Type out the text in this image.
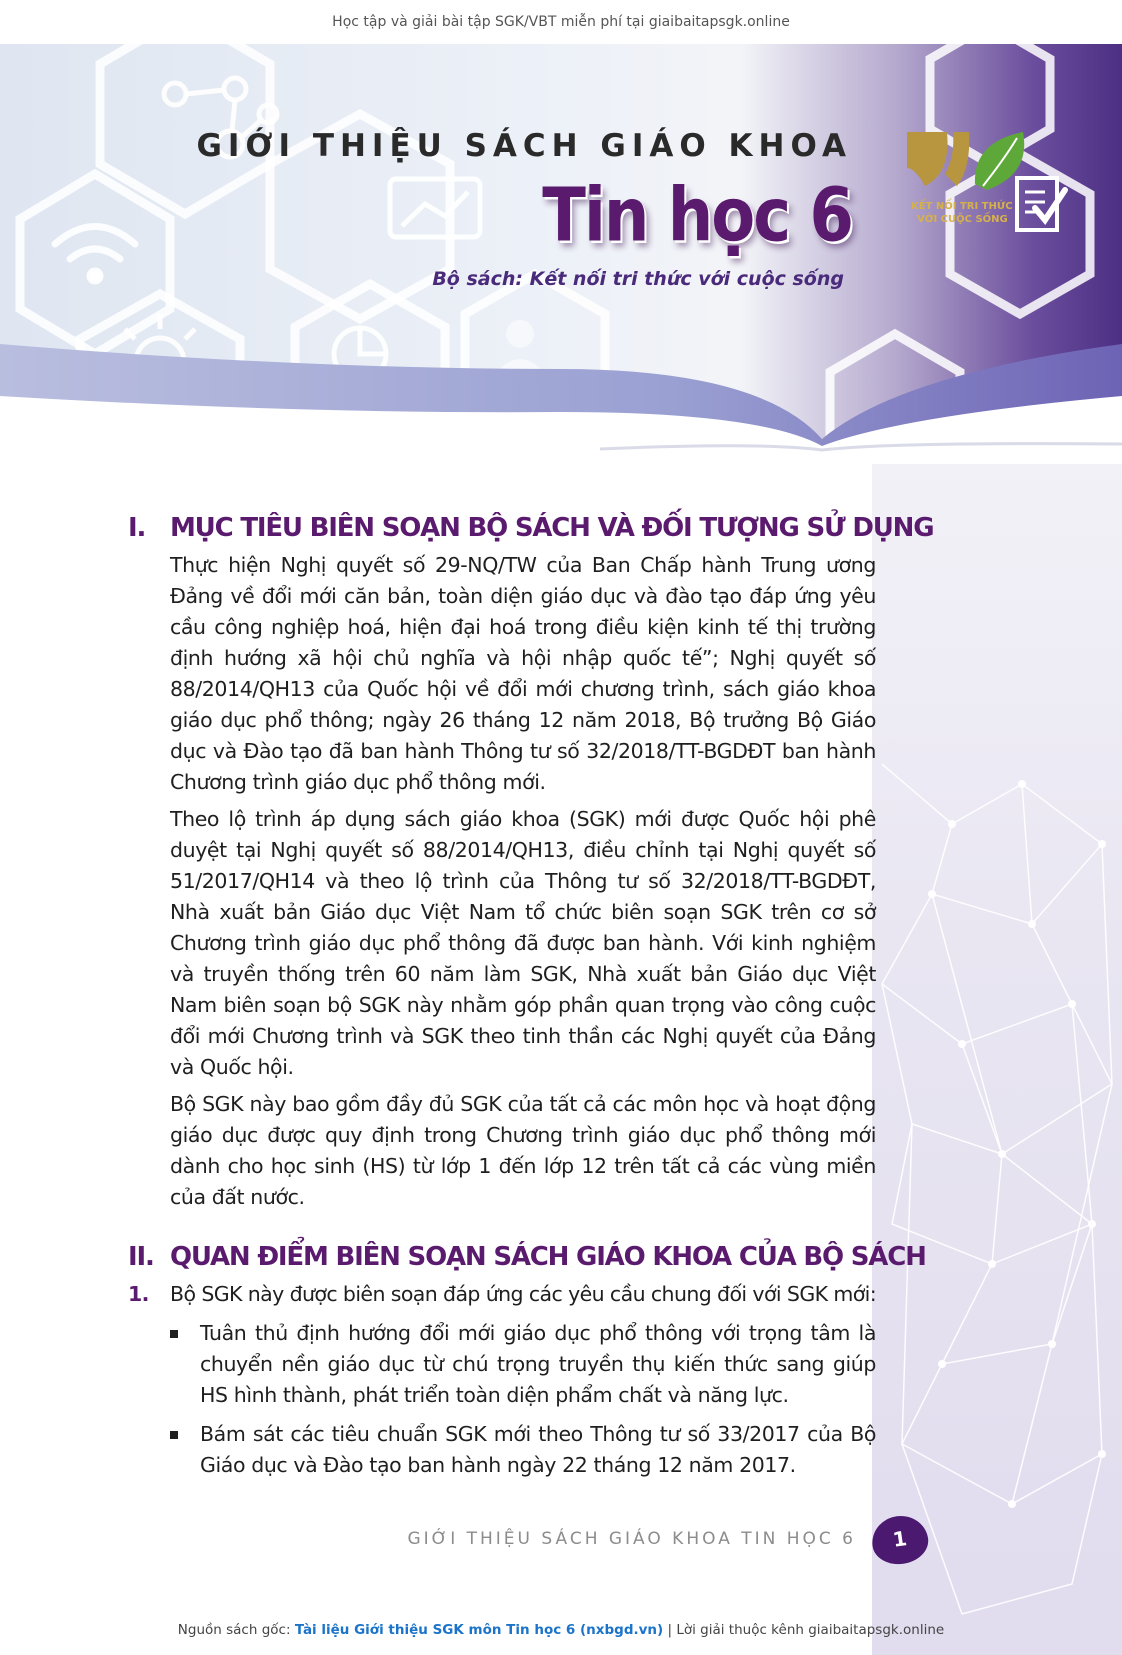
Học tập và giải bài tập SGK/VBT miễn phí tại giaibaitapsgk.online
GIỚI THIỆU SÁCH GIÁO KHOA
Tin học 6
Bộ sách: Kết nối tri thức với cuộc sống
KẾT NỐI TRI THỨC
VỚI CUỘC SỐNG
I. MỤC TIÊU BIÊN SOẠN BỘ SÁCH VÀ ĐỐI TƯỢNG SỬ DỤNG

Thực hiện Nghị quyết số 29-NQ/TW của Ban Chấp hành Trung ương Đảng về đổi mới căn bản, toàn diện giáo dục và đào tạo đáp ứng yêu cầu công nghiệp hoá, hiện đại hoá trong điều kiện kinh tế thị trường định hướng xã hội chủ nghĩa và hội nhập quốc tế”; Nghị quyết số 88/2014/QH13 của Quốc hội về đổi mới chương trình, sách giáo khoa giáo dục phổ thông; ngày 26 tháng 12 năm 2018, Bộ trưởng Bộ Giáo dục và Đào tạo đã ban hành Thông tư số 32/2018/TT-BGDĐT ban hành Chương trình giáo dục phổ thông mới.

Theo lộ trình áp dụng sách giáo khoa (SGK) mới được Quốc hội phê duyệt tại Nghị quyết số 88/2014/QH13, điều chỉnh tại Nghị quyết số 51/2017/QH14 và theo lộ trình của Thông tư số 32/2018/TT-BGDĐT, Nhà xuất bản Giáo dục Việt Nam tổ chức biên soạn SGK trên cơ sở Chương trình giáo dục phổ thông đã được ban hành. Với kinh nghiệm và truyền thống trên 60 năm làm SGK, Nhà xuất bản Giáo dục Việt Nam biên soạn bộ SGK này nhằm góp phần quan trọng vào công cuộc đổi mới Chương trình và SGK theo tinh thần các Nghị quyết của Đảng và Quốc hội.

Bộ SGK này bao gồm đầy đủ SGK của tất cả các môn học và hoạt động giáo dục được quy định trong Chương trình giáo dục phổ thông mới dành cho học sinh (HS) từ lớp 1 đến lớp 12 trên tất cả các vùng miền của đất nước.

II. QUAN ĐIỂM BIÊN SOẠN SÁCH GIÁO KHOA CỦA BỘ SÁCH
1. Bộ SGK này được biên soạn đáp ứng các yêu cầu chung đối với SGK mới:
Tuân thủ định hướng đổi mới giáo dục phổ thông với trọng tâm là chuyển nền giáo dục từ chú trọng truyền thụ kiến thức sang giúp HS hình thành, phát triển toàn diện phẩm chất và năng lực.
Bám sát các tiêu chuẩn SGK mới theo Thông tư số 33/2017 của Bộ Giáo dục và Đào tạo ban hành ngày 22 tháng 12 năm 2017.
GIỚI THIỆU SÁCH GIÁO KHOA TIN HỌC 6	1
Nguồn sách gốc: Tài liệu Giới thiệu SGK môn Tin học 6 (nxbgd.vn) | Lời giải thuộc kênh giaibaitapsgk.online
